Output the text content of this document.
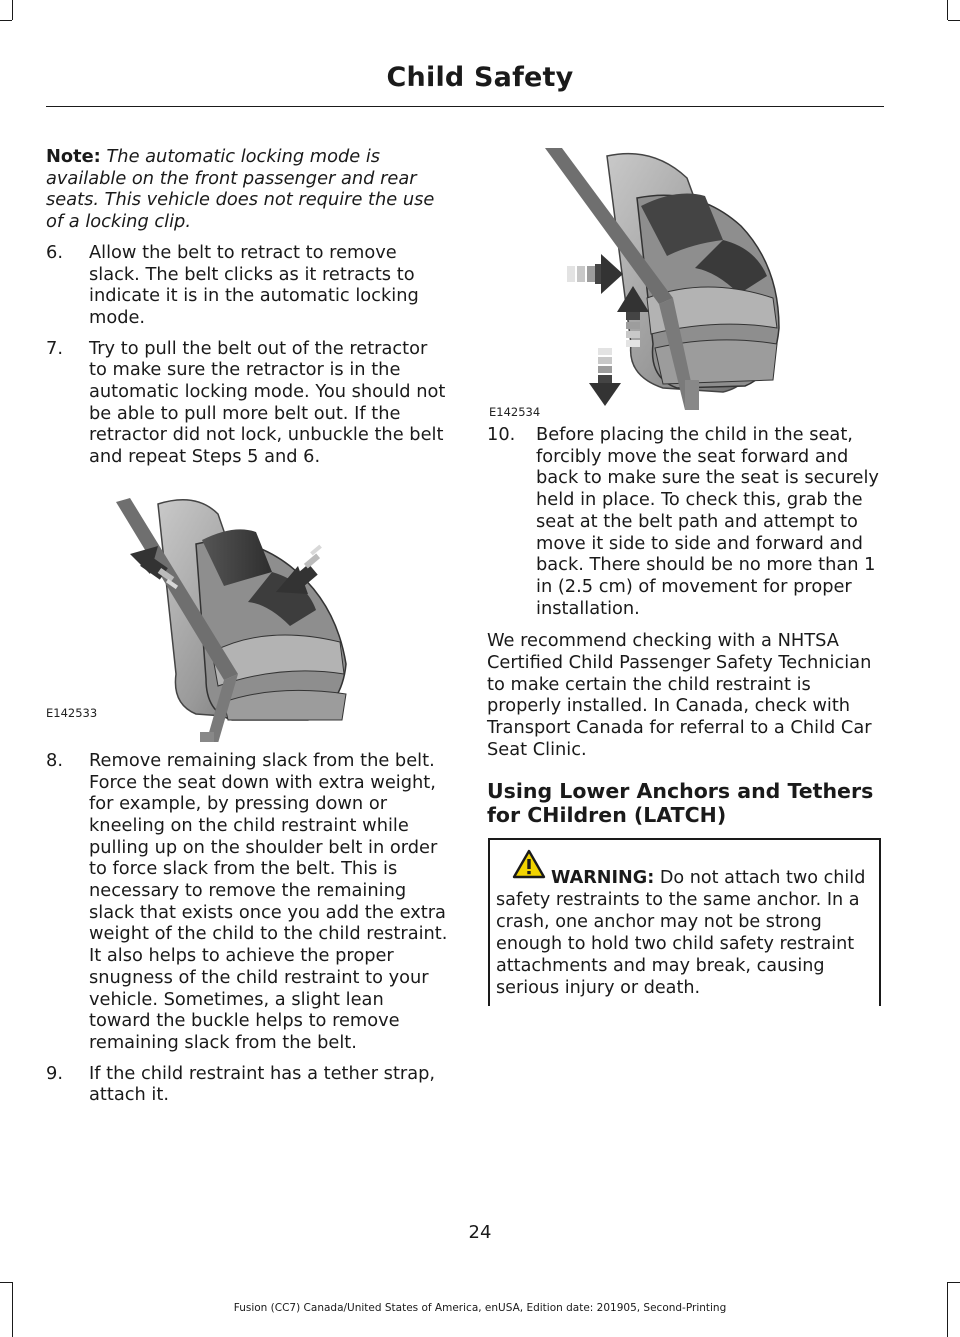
Child Safety

Note: The automatic locking mode is available on the front passenger and rear seats. This vehicle does not require the use of a locking clip.

6. Allow the belt to retract to remove slack. The belt clicks as it retracts to indicate it is in the automatic locking mode.
7. Try to pull the belt out of the retractor to make sure the retractor is in the automatic locking mode. You should not be able to pull more belt out. If the retractor did not lock, unbuckle the belt and repeat Steps 5 and 6.
E142533
8. Remove remaining slack from the belt. Force the seat down with extra weight, for example, by pressing down or kneeling on the child restraint while pulling up on the shoulder belt in order to force slack from the belt. This is necessary to remove the remaining slack that exists once you add the extra weight of the child to the child restraint. It also helps to achieve the proper snugness of the child restraint to your vehicle. Sometimes, a slight lean toward the buckle helps to remove remaining slack from the belt.
9. If the child restraint has a tether strap, attach it.
E142534
10. Before placing the child in the seat, forcibly move the seat forward and back to make sure the seat is securely held in place. To check this, grab the seat at the belt path and attempt to move it side to side and forward and back. There should be no more than 1 in (2.5 cm) of movement for proper installation.

We recommend checking with a NHTSA Certified Child Passenger Safety Technician to make certain the child restraint is properly installed. In Canada, check with Transport Canada for referral to a Child Car Seat Clinic.

Using Lower Anchors and Tethers for CHildren (LATCH)
WARNING: Do not attach two child safety restraints to the same anchor. In a crash, one anchor may not be strong enough to hold two child safety restraint attachments and may break, causing serious injury or death.
24
Fusion (CC7) Canada/United States of America, enUSA, Edition date: 201905, Second-Printing
